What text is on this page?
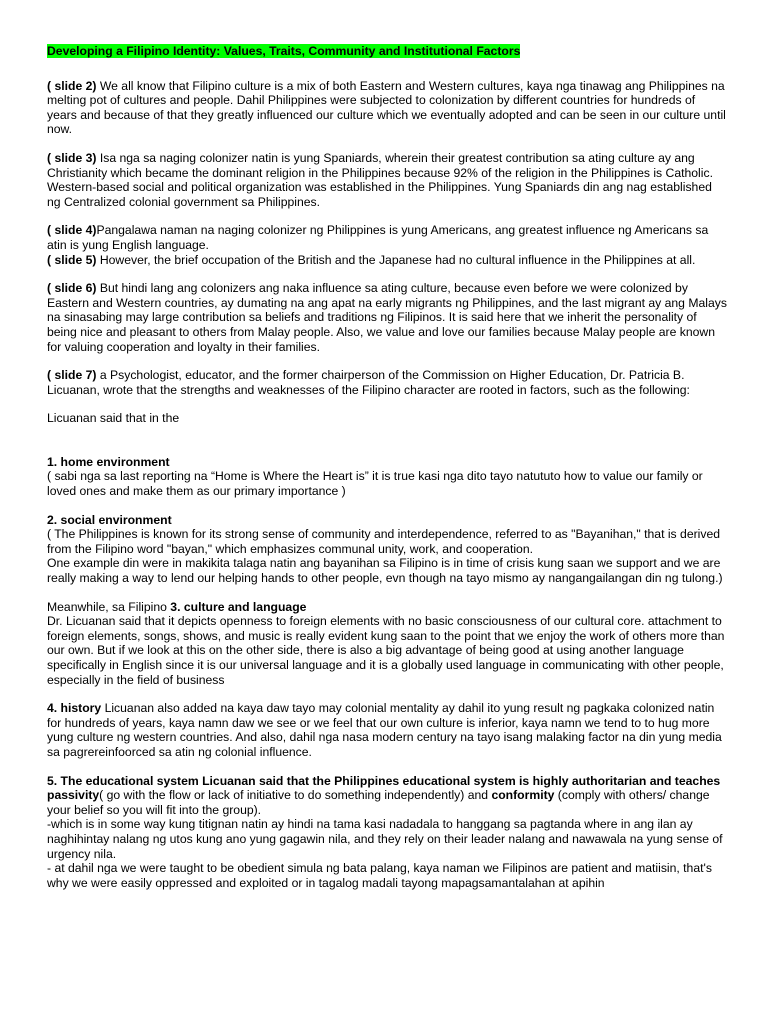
Developing a Filipino Identity: Values, Traits, Community and Institutional Factors

( slide 2) We all know that Filipino culture is a mix of both Eastern and Western cultures, kaya nga tinawag ang Philippines na melting pot of cultures and people. Dahil Philippines were subjected to colonization by different countries for hundreds of years and because of that they greatly influenced our culture which we eventually adopted and can be seen in our culture until now.

( slide 3) Isa nga sa naging colonizer natin is yung Spaniards, wherein their greatest contribution sa ating culture ay ang Christianity which became the dominant religion in the Philippines because 92% of the religion in the Philippines is Catholic. Western-based social and political organization was established in the Philippines. Yung Spaniards din ang nag established ng Centralized colonial government sa Philippines.

( slide 4)Pangalawa naman na naging colonizer ng Philippines is yung Americans, ang greatest influence ng Americans sa atin is yung English language.

( slide 5) However, the brief occupation of the British and the Japanese had no cultural influence in the Philippines at all.

( slide 6) But hindi lang ang colonizers ang naka influence sa ating culture, because even before we were colonized by Eastern and Western countries, ay dumating na ang apat na early migrants ng Philippines, and the last migrant ay ang Malays na sinasabing may large contribution sa beliefs and traditions ng Filipinos. It is said here that we inherit the personality of being nice and pleasant to others from Malay people. Also, we value and love our families because Malay people are known for valuing cooperation and loyalty in their families.

( slide 7) a Psychologist, educator, and the former chairperson of the Commission on Higher Education, Dr. Patricia B. Licuanan, wrote that the strengths and weaknesses of the Filipino character are rooted in factors, such as the following:

Licuanan said that in the

1. home environment

( sabi nga sa last reporting na “Home is Where the Heart is” it is true kasi nga dito tayo natututo how to value our family or loved ones and make them as our primary importance )

2. social environment

( The Philippines is known for its strong sense of community and interdependence, referred to as "Bayanihan," that is derived from the Filipino word "bayan," which emphasizes communal unity, work, and cooperation.

One example din were in makikita talaga natin ang bayanihan sa Filipino is in time of crisis kung saan we support and we are really making a way to lend our helping hands to other people, evn though na tayo mismo ay nangangailangan din ng tulong.)

Meanwhile, sa Filipino 3. culture and language

Dr. Licuanan said that it depicts openness to foreign elements with no basic consciousness of our cultural core. attachment to foreign elements, songs, shows, and music is really evident kung saan to the point that we enjoy the work of others more than our own. But if we look at this on the other side, there is also a big advantage of being good at using another language specifically in English since it is our universal language and it is a globally used language in communicating with other people, especially in the field of business

4. history Licuanan also added na kaya daw tayo may colonial mentality ay dahil ito yung result ng pagkaka colonized natin for hundreds of years, kaya namn daw we see or we feel that our own culture is inferior, kaya namn we tend to to hug more yung culture ng western countries. And also, dahil nga nasa modern century na tayo isang malaking factor na din yung media sa pagrereinfoorced sa atin ng colonial influence.

5. The educational system Licuanan said that the Philippines educational system is highly authoritarian and teaches passivity( go with the flow or lack of initiative to do something independently) and conformity (comply with others/ change your belief so you will fit into the group).

-which is in some way kung titignan natin ay hindi na tama kasi nadadala to hanggang sa pagtanda where in ang ilan ay naghihintay nalang ng utos kung ano yung gagawin nila, and they rely on their leader nalang and nawawala na yung sense of urgency nila.

- at dahil nga we were taught to be obedient simula ng bata palang, kaya naman we Filipinos are patient and matiisin, that's why we were easily oppressed and exploited or in tagalog madali tayong mapagsamantalahan at apihin
